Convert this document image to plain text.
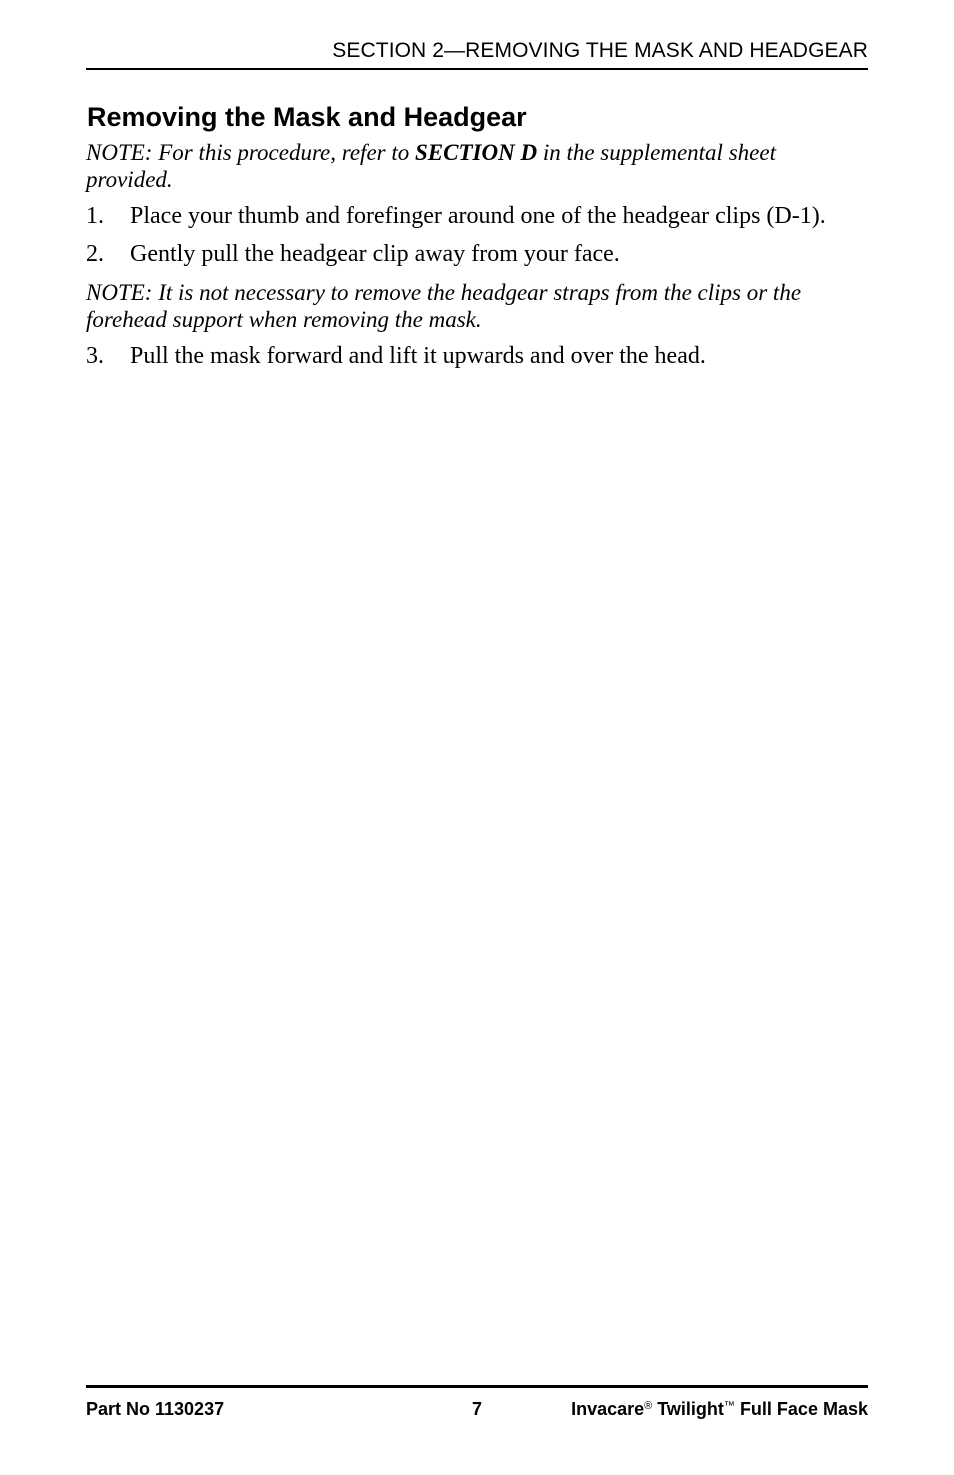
SECTION 2—REMOVING THE MASK AND HEADGEAR
Removing the Mask and Headgear
NOTE: For this procedure, refer to SECTION D in the supplemental sheet provided.
1.	Place your thumb and forefinger around one of the headgear clips (D-1).
2.	Gently pull the headgear clip away from your face.
NOTE: It is not necessary to remove the headgear straps from the clips or the forehead support when removing the mask.
3.	Pull the mask forward and lift it upwards and over the head.
Part No 1130237	7	Invacare® Twilight™ Full Face Mask
